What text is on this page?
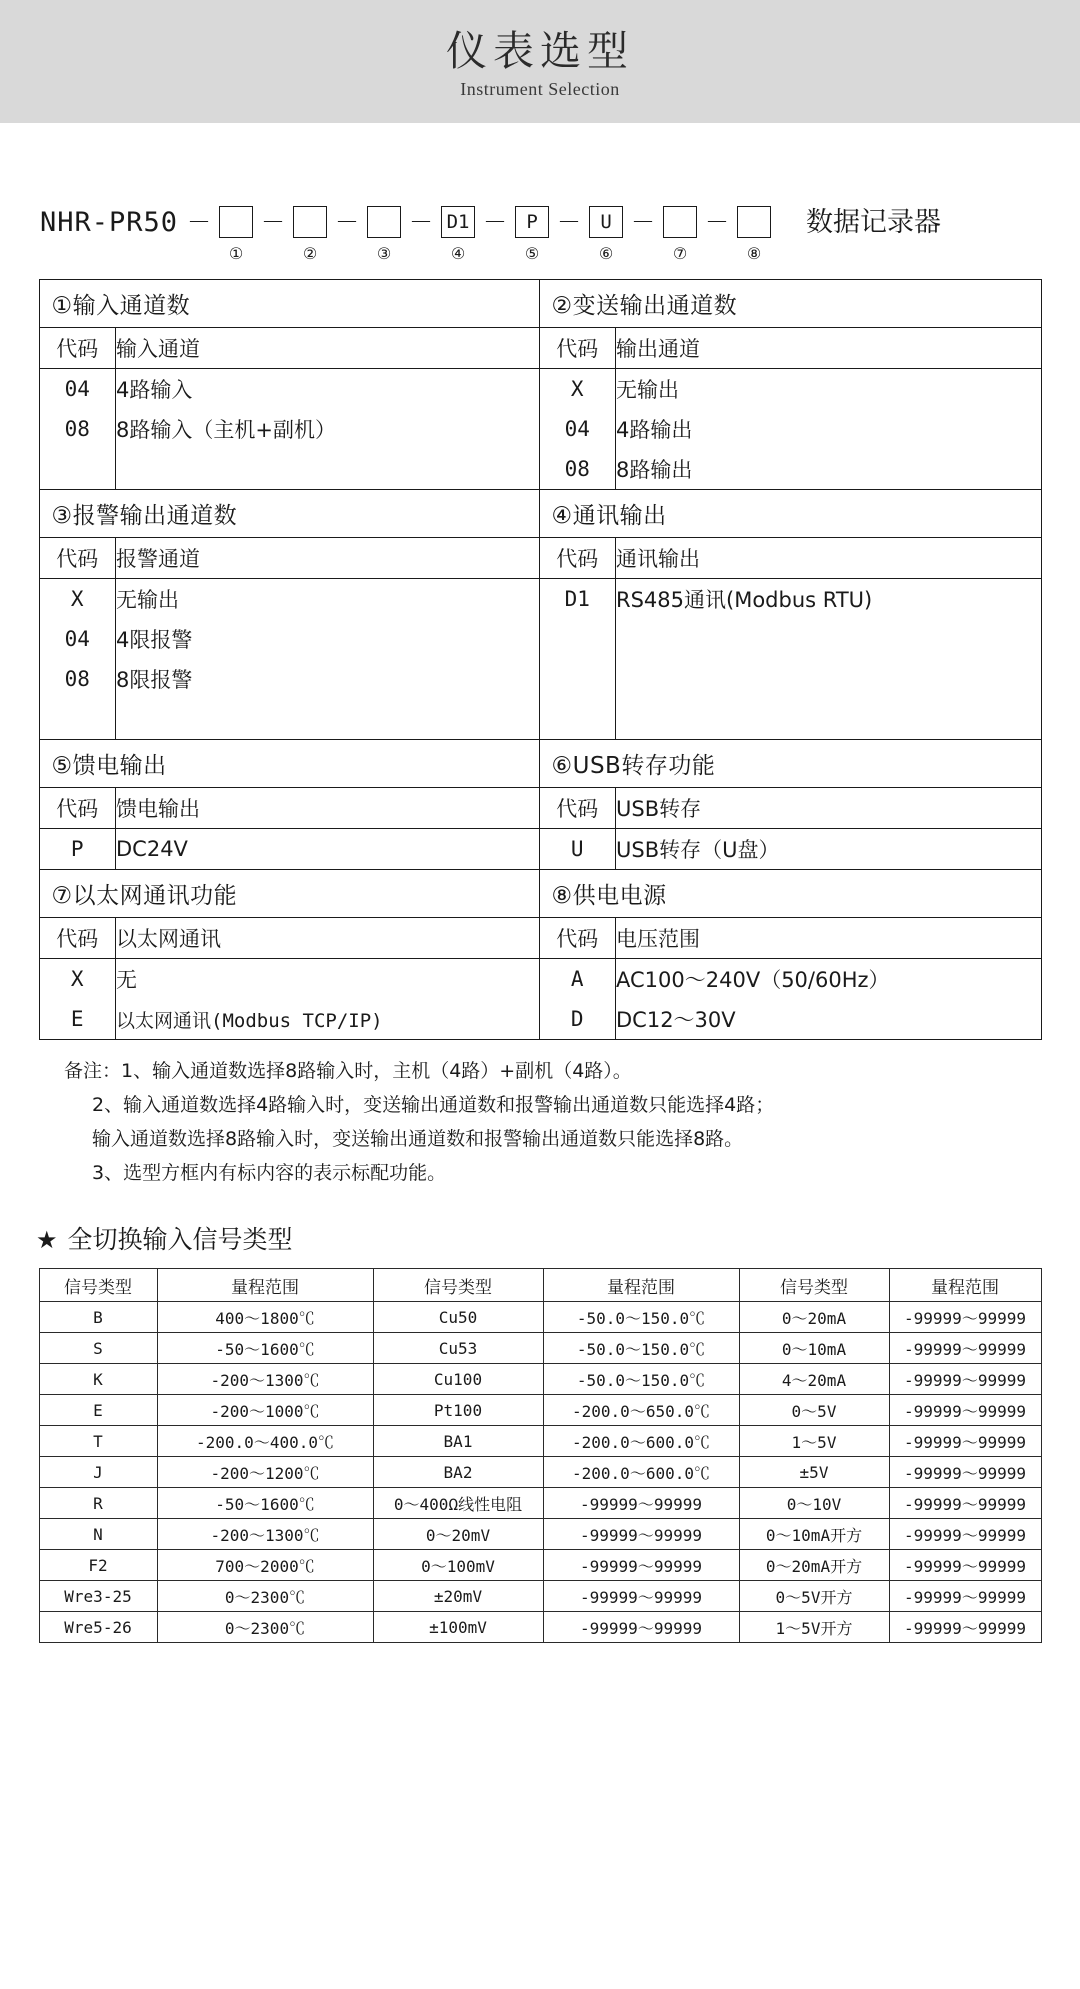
仪表选型
Instrument Selection
NHR-PR50 －
①
－
②
－
③
－ D1
④
－	P
⑤
－	U
⑥
－
⑦
－
⑧
数据记录器
①输入通道数	②变送输出通道数

代码	输入通道
04	4路输入
08	8路输入（主机+副机）

代码	输出通道
X	无输出
04	4路输出
08	8路输出

③报警输出通道数	④通讯输出

代码	报警通道
X	无输出
04	4限报警
08	8限报警

代码	通讯输出
D1	RS485通讯(Modbus RTU)

⑤馈电输出	⑥USB转存功能

代码	馈电输出
P	DC24V

代码	USB转存
U	USB转存（U盘）

⑦以太网通讯功能	⑧供电电源

代码	以太网通讯
X	无
E	以太网通讯(Modbus TCP/IP)

代码	电压范围
A	AC100～240V（50/60Hz）
D	DC12～30V
备注：1、输入通道数选择8路输入时，主机（4路）+副机（4路）。
2、输入通道数选择4路输入时，变送输出通道数和报警输出通道数只能选择4路；
输入通道数选择8路输入时，变送输出通道数和报警输出通道数只能选择8路。
3、选型方框内有标内容的表示标配功能。
★ 全切换输入信号类型
信号类型	量程范围	信号类型	量程范围	信号类型	量程范围
B	400～1800℃	Cu50	-50.0～150.0℃	0～20mA	-99999～99999
S	-50～1600℃	Cu53	-50.0～150.0℃	0～10mA	-99999～99999
K	-200～1300℃	Cu100	-50.0～150.0℃	4～20mA	-99999～99999
E	-200～1000℃	Pt100	-200.0～650.0℃	0～5V	-99999～99999
T	-200.0～400.0℃	BA1	-200.0～600.0℃	1～5V	-99999～99999
J	-200～1200℃	BA2	-200.0～600.0℃	±5V	-99999～99999
R	-50～1600℃	0～400Ω线性电阻	-99999～99999	0～10V	-99999～99999
N	-200～1300℃	0～20mV	-99999～99999	0～10mA开方	-99999～99999
F2	700～2000℃	0～100mV	-99999～99999	0～20mA开方	-99999～99999
Wre3-25	0～2300℃	±20mV	-99999～99999	0～5V开方	-99999～99999
Wre5-26	0～2300℃	±100mV	-99999～99999	1～5V开方	-99999～99999
